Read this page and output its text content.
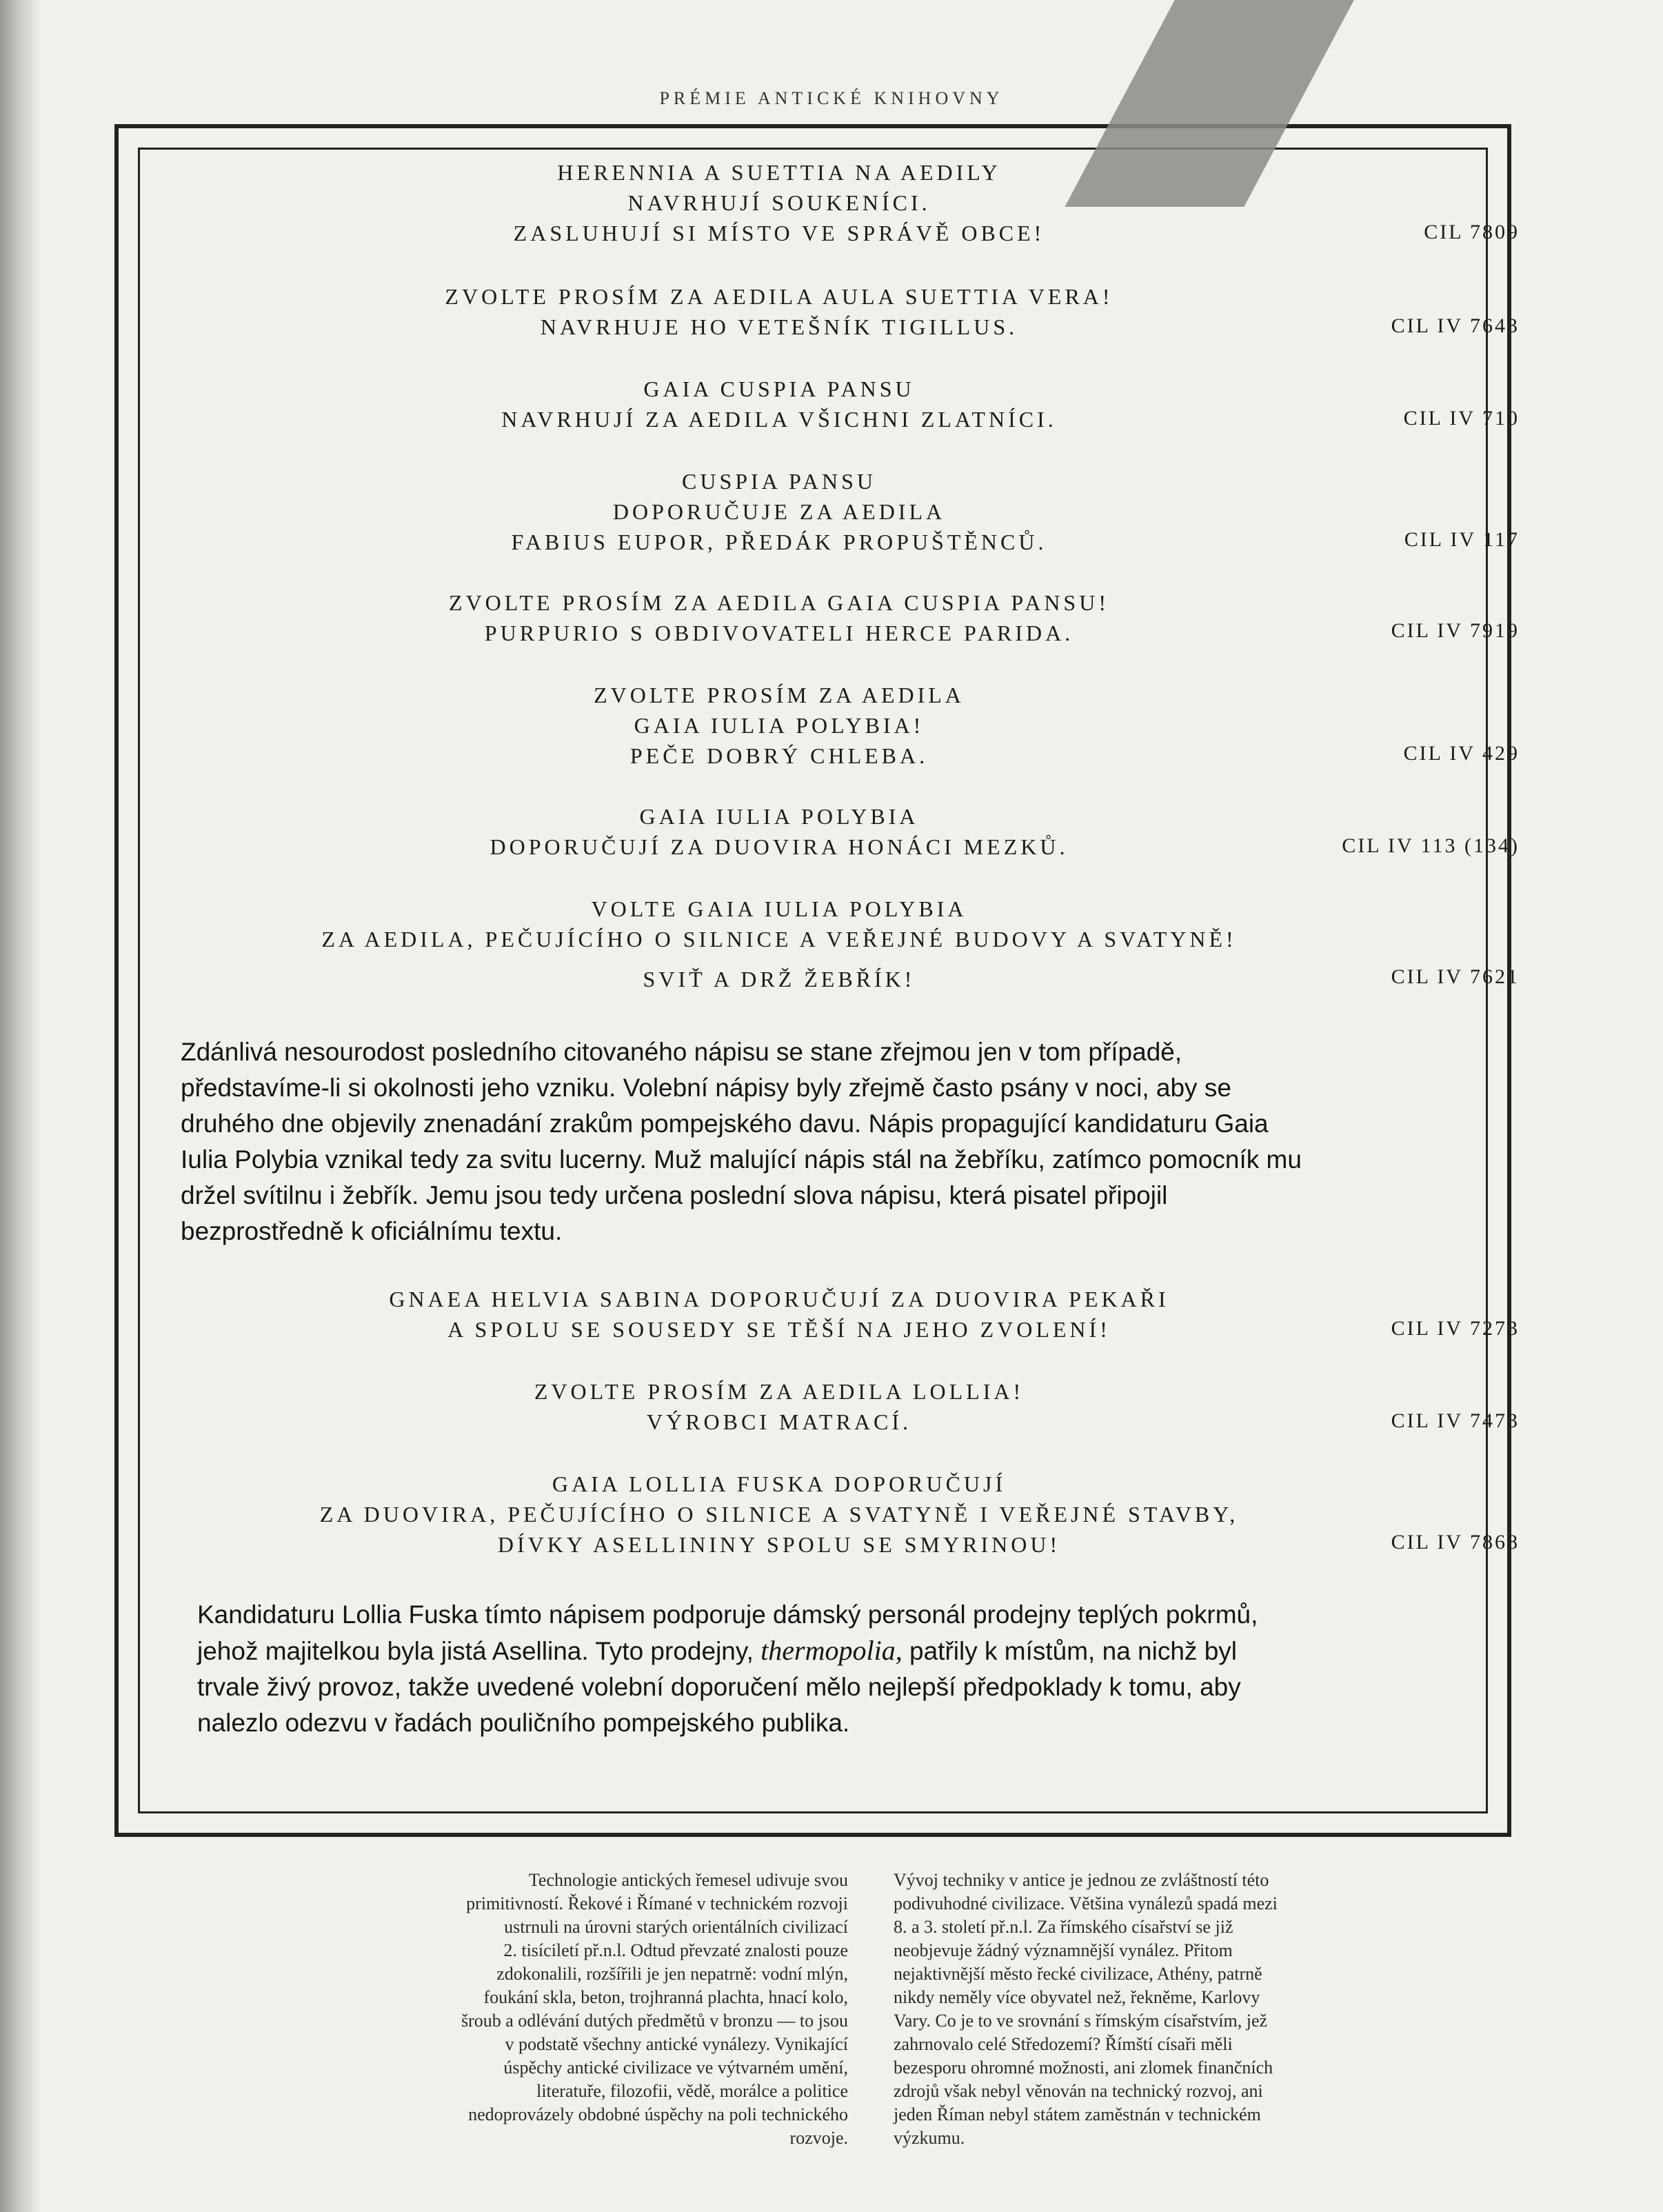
PRÉMIE ANTICKÉ KNIHOVNY
HERENNIA A SUETTIA NA AEDILY
NAVRHUJÍ SOUKENÍCI.
ZASLUHUJÍ SI MÍSTO VE SPRÁVĚ OBCE!	CIL 7809
ZVOLTE PROSÍM ZA AEDILA AULA SUETTIA VERA!
NAVRHUJE HO VETEŠNÍK TIGILLUS.	CIL IV 7643
GAIA CUSPIA PANSU
NAVRHUJÍ ZA AEDILA VŠICHNI ZLATNÍCI.	CIL IV 710
CUSPIA PANSU
DOPORUČUJE ZA AEDILA
FABIUS EUPOR, PŘEDÁK PROPUŠTĚNCŮ.	CIL IV 117
ZVOLTE PROSÍM ZA AEDILA GAIA CUSPIA PANSU!
PURPURIO S OBDIVOVATELI HERCE PARIDA.	CIL IV 7919
ZVOLTE PROSÍM ZA AEDILA
GAIA IULIA POLYBIA!
PEČE DOBRÝ CHLEBA.	CIL IV 429
GAIA IULIA POLYBIA
DOPORUČUJÍ ZA DUOVIRA HONÁCI MEZKŮ.	CIL IV 113 (134)
VOLTE GAIA IULIA POLYBIA
ZA AEDILA, PEČUJÍCÍHO O SILNICE A VEŘEJNÉ BUDOVY A SVATYNĚ!
SVIŤ A DRŽ ŽEBŘÍK!	CIL IV 7621
Zdánlivá nesourodost posledního citovaného nápisu se stane zřejmou jen v tom případě,
představíme-li si okolnosti jeho vzniku. Volební nápisy byly zřejmě často psány v noci, aby se
druhého dne objevily znenadání zrakům pompejského davu. Nápis propagující kandidaturu Gaia
Iulia Polybia vznikal tedy za svitu lucerny. Muž malující nápis stál na žebříku, zatímco pomocník mu
držel svítilnu i žebřík. Jemu jsou tedy určena poslední slova nápisu, která pisatel připojil
bezprostředně k oficiálnímu textu.
GNAEA HELVIA SABINA DOPORUČUJÍ ZA DUOVIRA PEKAŘI
A SPOLU SE SOUSEDY SE TĚŠÍ NA JEHO ZVOLENÍ!	CIL IV 7273
ZVOLTE PROSÍM ZA AEDILA LOLLIA!
VÝROBCI MATRACÍ.	CIL IV 7473
GAIA LOLLIA FUSKA DOPORUČUJÍ
ZA DUOVIRA, PEČUJÍCÍHO O SILNICE A SVATYNĚ I VEŘEJNÉ STAVBY,
DÍVKY ASELLININY SPOLU SE SMYRINOU!	CIL IV 7868
Kandidaturu Lollia Fuska tímto nápisem podporuje dámský personál prodejny teplých pokrmů,
jehož majitelkou byla jistá Asellina. Tyto prodejny, thermopolia, patřily k místům, na nichž byl
trvale živý provoz, takže uvedené volební doporučení mělo nejlepší předpoklady k tomu, aby
nalezlo odezvu v řadách pouličního pompejského publika.
Technologie antických řemesel udivuje svou
primitivností. Řekové i Římané v technickém rozvoji
ustrnuli na úrovni starých orientálních civilizací
2. tisíciletí př.n.l. Odtud převzaté znalosti pouze
zdokonalili, rozšířili je jen nepatrně: vodní mlýn,
foukání skla, beton, trojhranná plachta, hnací kolo,
šroub a odlévání dutých předmětů v bronzu — to jsou
v podstatě všechny antické vynálezy. Vynikající
úspěchy antické civilizace ve výtvarném umění,
literatuře, filozofii, vědě, morálce a politice
nedoprovázely obdobné úspěchy na poli technického
rozvoje.
Vývoj techniky v antice je jednou ze zvláštností této
podivuhodné civilizace. Většina vynálezů spadá mezi
8. a 3. století př.n.l. Za římského císařství se již
neobjevuje žádný významnější vynález. Přitom
nejaktivnější město řecké civilizace, Athény, patrně
nikdy neměly více obyvatel než, řekněme, Karlovy
Vary. Co je to ve srovnání s římským císařstvím, jež
zahrnovalo celé Středozemí? Římští císaři měli
bezesporu ohromné možnosti, ani zlomek finančních
zdrojů však nebyl věnován na technický rozvoj, ani
jeden Říman nebyl státem zaměstnán v technickém
výzkumu.
